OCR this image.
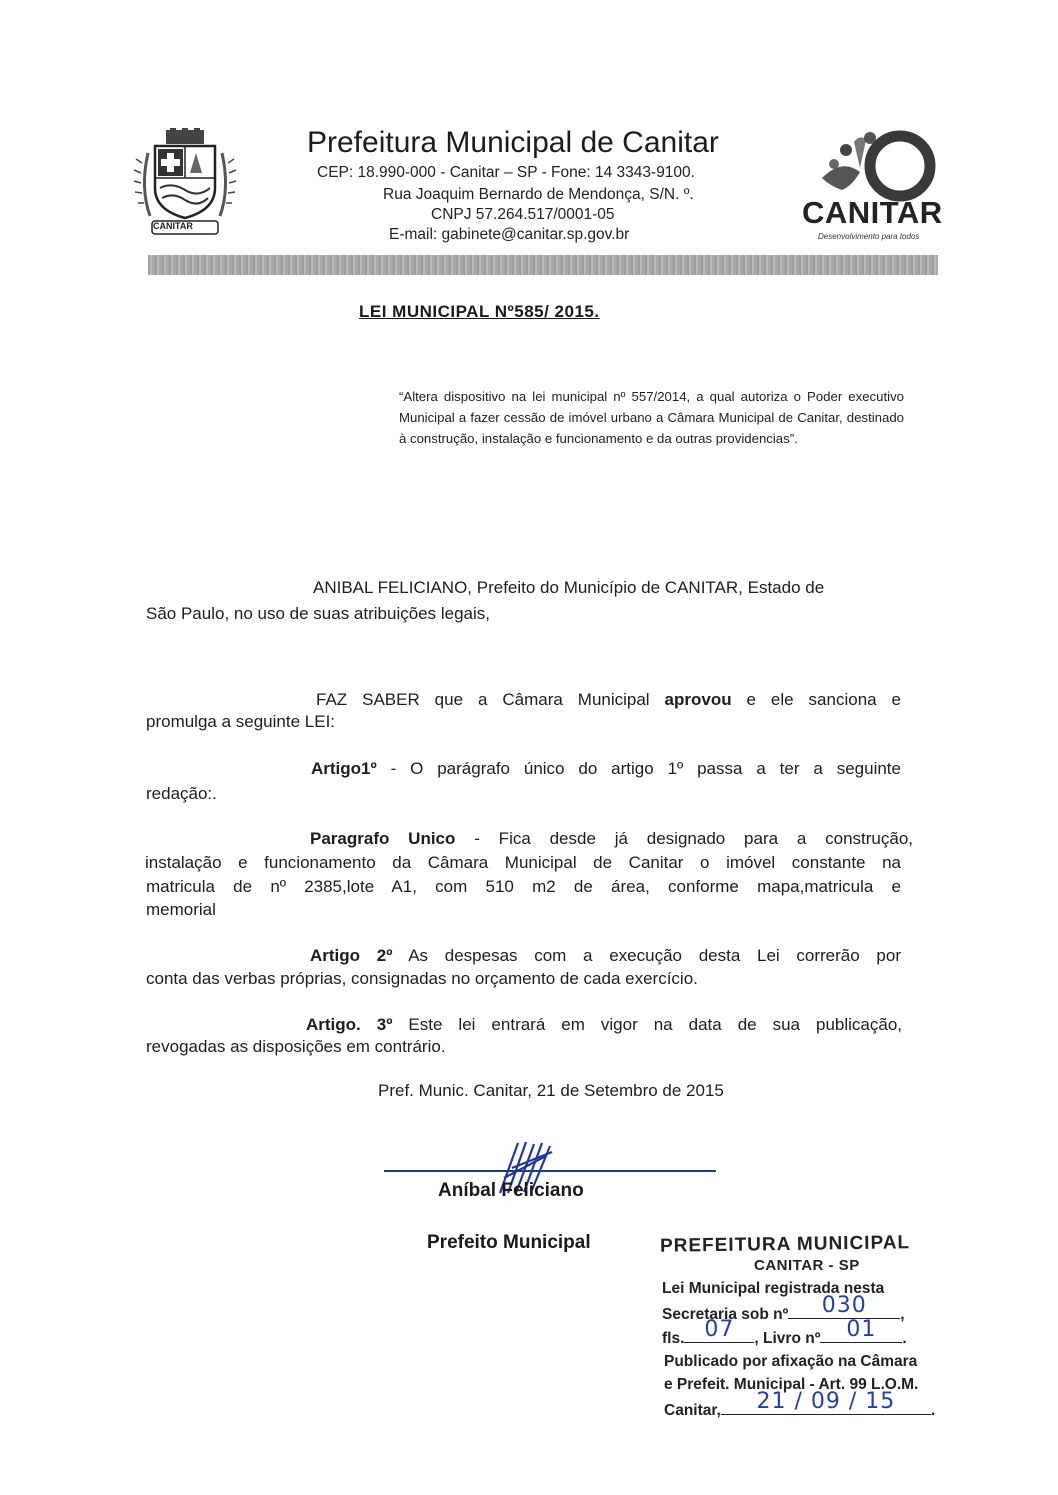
CANITAR
Prefeitura Municipal de Canitar
CEP: 18.990-000 - Canitar – SP - Fone: 14 3343-9100.
Rua Joaquim Bernardo de Mendonça, S/N. º.
CNPJ 57.264.517/0001-05
E-mail: gabinete@canitar.sp.gov.br
CANITAR
Desenvolvimento para todos
LEI MUNICIPAL Nº585/ 2015.
“Altera dispositivo na lei municipal nº 557/2014, a qual autoriza o Poder executivo Municipal a fazer cessão de imóvel urbano a Câmara Municipal de Canitar, destinado à construção, instalação e funcionamento e da outras providencias”.
ANIBAL FELICIANO, Prefeito do Município de CANITAR, Estado de
São Paulo, no uso de suas atribuições legais,
FAZ SABER que a Câmara Municipal aprovou e ele sanciona e
promulga a seguinte LEI:
Artigo1º - O parágrafo único do artigo 1º passa a ter a seguinte
redação:.
Paragrafo Unico - Fica desde já designado para a construção,
instalação e funcionamento da Câmara Municipal de Canitar o imóvel constante na
matricula de nº 2385,lote A1, com 510 m2 de área, conforme mapa,matricula e
memorial
Artigo 2º As despesas com a execução desta Lei correrão por
conta das verbas próprias, consignadas no orçamento de cada exercício.
Artigo. 3º Este lei entrará em vigor na data de sua publicação,
revogadas as disposições em contrário.
Pref. Munic. Canitar, 21 de Setembro de 2015
Aníbal Feliciano
Prefeito Municipal	PREFEITURA MUNICIPAL
CANITAR - SP
Lei Municipal registrada nesta
Secretaria sob nº	030	,
fls. 07	, Livro nº	01	.
Publicado por afixação na Câmara
e Prefeit. Municipal - Art. 99 L.O.M.
Canitar,	21 / 09 / 15	.
